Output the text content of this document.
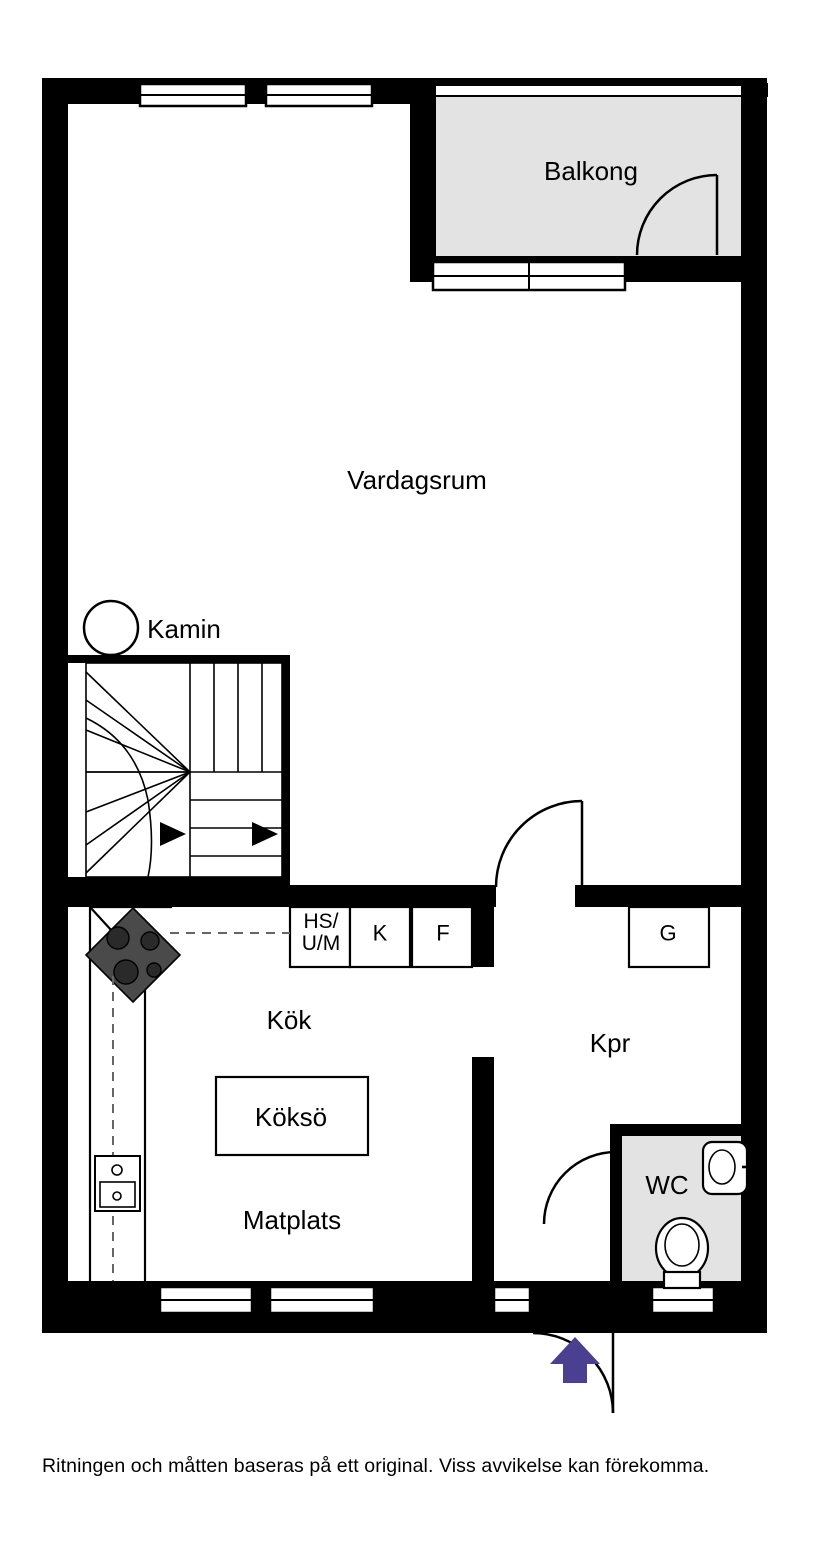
Balkong
Vardagsrum
Kamin
Kök
Köksö
Matplats
Kpr
WC
G
HS/
U/M K F
Ritningen och måtten baseras på ett original. Viss avvikelse kan förekomma.
